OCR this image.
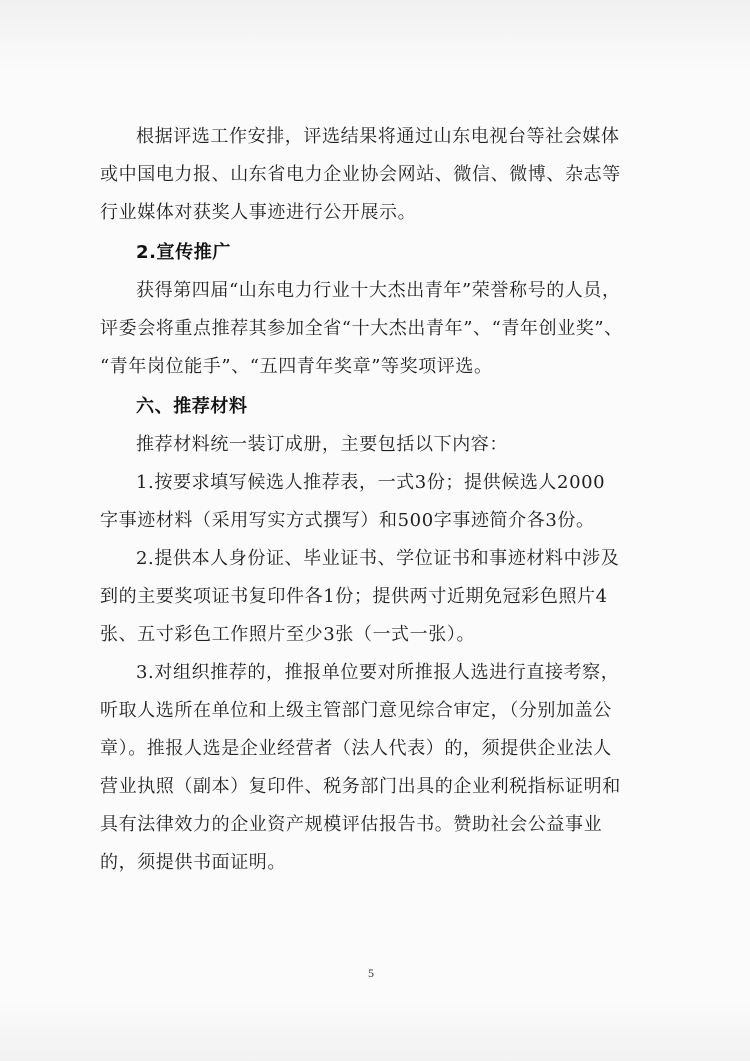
根据评选工作安排，评选结果将通过山东电视台等社会媒体
或中国电力报、山东省电力企业协会网站、微信、微博、杂志等
行业媒体对获奖人事迹进行公开展示。
2.宣传推广
获得第四届“山东电力行业十大杰出青年”荣誉称号的人员，
评委会将重点推荐其参加全省“十大杰出青年”、“青年创业奖”、
“青年岗位能手”、“五四青年奖章”等奖项评选。
六、推荐材料
推荐材料统一装订成册，主要包括以下内容：
1.按要求填写候选人推荐表，一式3份；提供候选人2000
字事迹材料（采用写实方式撰写）和500字事迹简介各3份。
2.提供本人身份证、毕业证书、学位证书和事迹材料中涉及
到的主要奖项证书复印件各1份；提供两寸近期免冠彩色照片4
张、五寸彩色工作照片至少3张（一式一张）。
3.对组织推荐的，推报单位要对所推报人选进行直接考察，
听取人选所在单位和上级主管部门意见综合审定，（分别加盖公
章）。推报人选是企业经营者（法人代表）的，须提供企业法人
营业执照（副本）复印件、税务部门出具的企业利税指标证明和
具有法律效力的企业资产规模评估报告书。赞助社会公益事业
的，须提供书面证明。
5
